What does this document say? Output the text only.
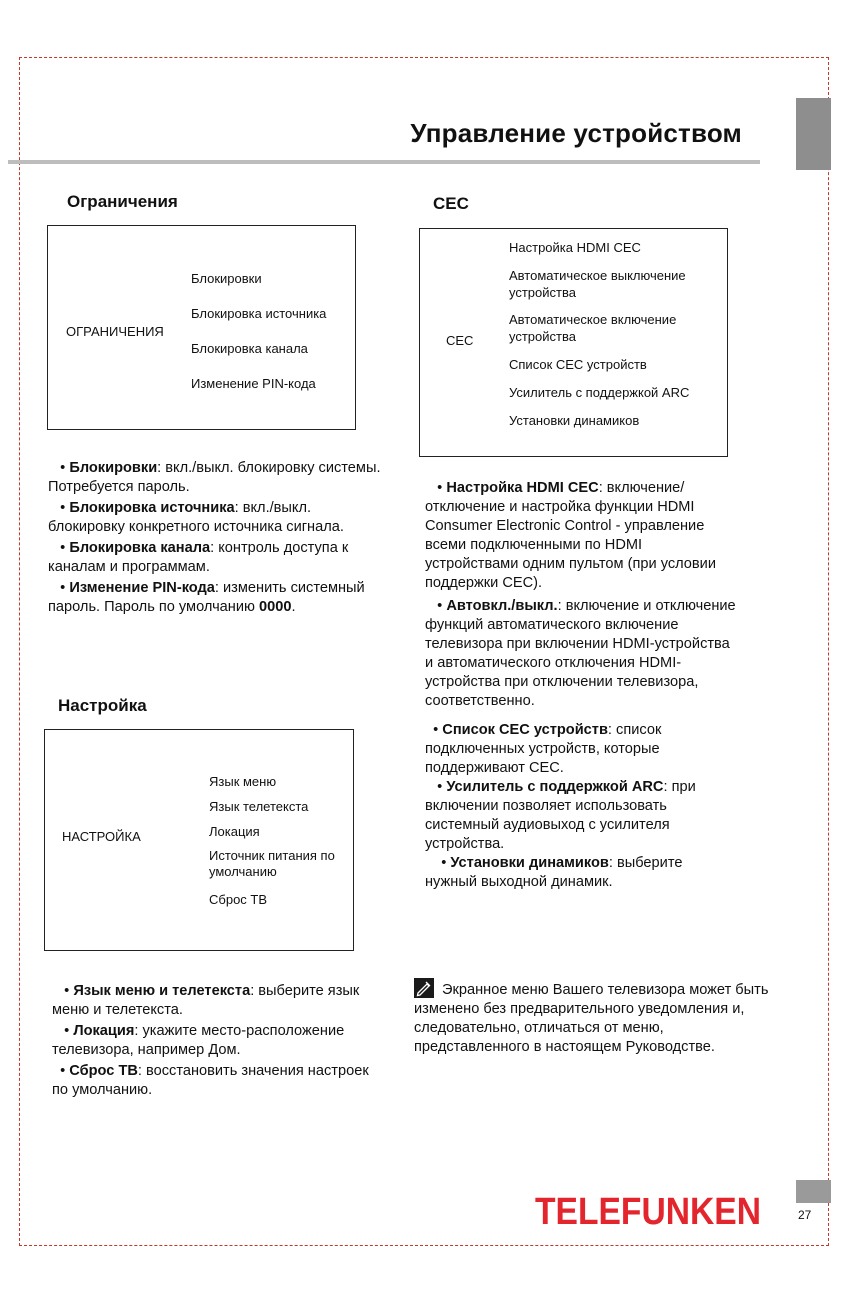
Управление устройством
Ограничения
ОГРАНИЧЕНИЯ
Блокировки
Блокировка источника
Блокировка канала
Изменение PIN-кода

• Блокировки: вкл./выкл. блокировку системы. Потребуется пароль.

• Блокировка источника: вкл./выкл. блокировку конкретного источника сигнала.

• Блокировка канала: контроль доступа к каналам и программам.

• Изменение PIN-кода: изменить системный пароль. Пароль по умолчанию 0000.

Настройка
НАСТРОЙКА
Язык меню
Язык телетекста
Локация
Источник питания по умолчанию
Сброс ТВ

• Язык меню и телетекста: выберите язык меню и телетекста.

• Локация: укажите место-расположение телевизора, например Дом.

• Сброс ТВ: восстановить значения настроек по умолчанию.

CEC
CEC
Настройка HDMI CEC
Автоматическое выключение устройства
Автоматическое включение устройства
Список CEC устройств
Усилитель с поддержкой ARC
Установки динамиков

• Настройка HDMI CEC: включение/отключение и настройка функции HDMI Consumer Electronic Control - управление всеми подключенными по HDMI устройствами одним пультом (при условии поддержки CEC).

• Автовкл./выкл.: включение и отключение функций автоматического включение телевизора при включении HDMI-устройства и автоматического отключения HDMI-устройства при отключении телевизора, соответственно.

• Список CEC устройств: список подключенных устройств, которые поддерживают CEC.

• Усилитель с поддержкой ARC: при включении позволяет использовать системный аудиовыход с усилителя устройства.

• Установки динамиков: выберите нужный выходной динамик.

Экранное меню Вашего телевизора может быть изменено без предварительного уведомления и, следовательно, отличаться от меню, представленного в настоящем Руководстве.
TELEFUNKEN	27
